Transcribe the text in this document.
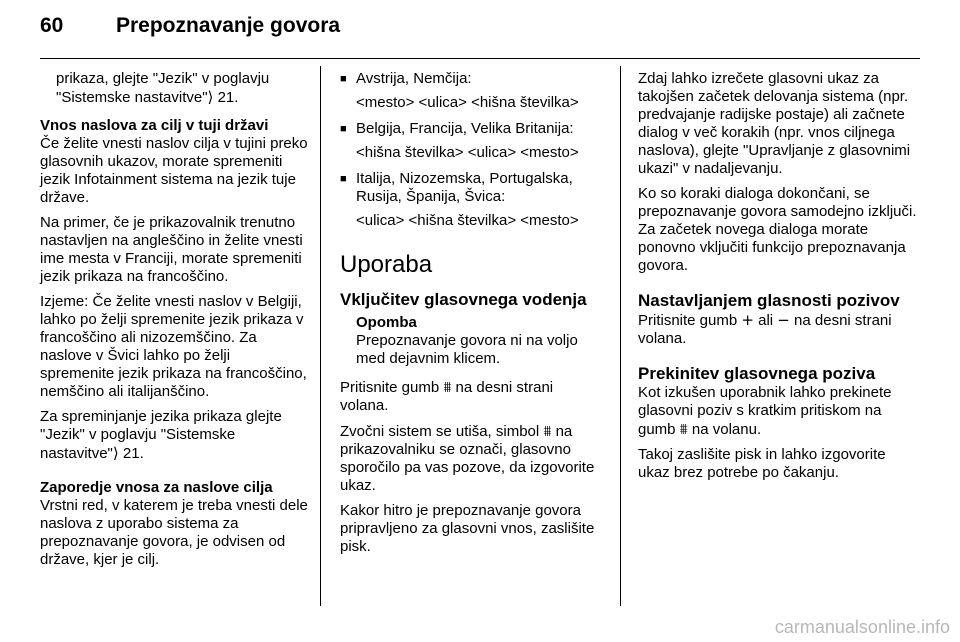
60	Prepoznavanje govora

prikaza, glejte "Jezik" v poglavju "Sistemske nastavitve"⟩ 21.

Vnos naslova za cilj v tuji državi

Če želite vnesti naslov cilja v tujini preko glasovnih ukazov, morate spremeniti jezik Infotainment sistema na jezik tuje države.

Na primer, če je prikazovalnik trenutno nastavljen na angleščino in želite vnesti ime mesta v Franciji, morate spremeniti jezik prikaza na francoščino.

Izjeme: Če želite vnesti naslov v Belgiji, lahko po želji spremenite jezik prikaza v francoščino ali nizozemščino. Za naslove v Švici lahko po želji spremenite jezik prikaza na francoščino, nemščino ali italijanščino.

Za spreminjanje jezika prikaza glejte "Jezik" v poglavju "Sistemske nastavitve"⟩ 21.

Zaporedje vnosa za naslove cilja

Vrstni red, v katerem je treba vnesti dele naslova z uporabo sistema za prepoznavanje govora, je odvisen od države, kjer je cilj.

■ Avstrija, Nemčija:
<mesto> <ulica> <hišna številka>
■ Belgija, Francija, Velika Britanija:
<hišna številka> <ulica> <mesto>
■ Italija, Nizozemska, Portugalska, Rusija, Španija, Švica:
<ulica> <hišna številka> <mesto>
Uporaba
Vključitev glasovnega vodenja
Opomba
Prepoznavanje govora ni na voljo med dejavnim klicem.

Pritisnite gumb ⩩ na desni strani volana.

Zvočni sistem se utiša, simbol ⩩ na prikazovalniku se označi, glasovno sporočilo pa vas pozove, da izgovorite ukaz.

Kakor hitro je prepoznavanje govora pripravljeno za glasovni vnos, zaslišite pisk.

Zdaj lahko izrečete glasovni ukaz za takojšen začetek delovanja sistema (npr. predvajanje radijske postaje) ali začnete dialog v več korakih (npr. vnos ciljnega naslova), glejte "Upravljanje z glasovnimi ukazi" v nadaljevanju.

Ko so koraki dialoga dokončani, se prepoznavanje govora samodejno izključi. Za začetek novega dialoga morate ponovno vključiti funkcijo prepoznavanja govora.

Nastavljanjem glasnosti pozivov

Pritisnite gumb + ali − na desni strani volana.

Prekinitev glasovnega poziva

Kot izkušen uporabnik lahko prekinete glasovni poziv s kratkim pritiskom na gumb ⩩ na volanu.

Takoj zaslišite pisk in lahko izgovorite ukaz brez potrebe po čakanju.

carmanualsonline.info
